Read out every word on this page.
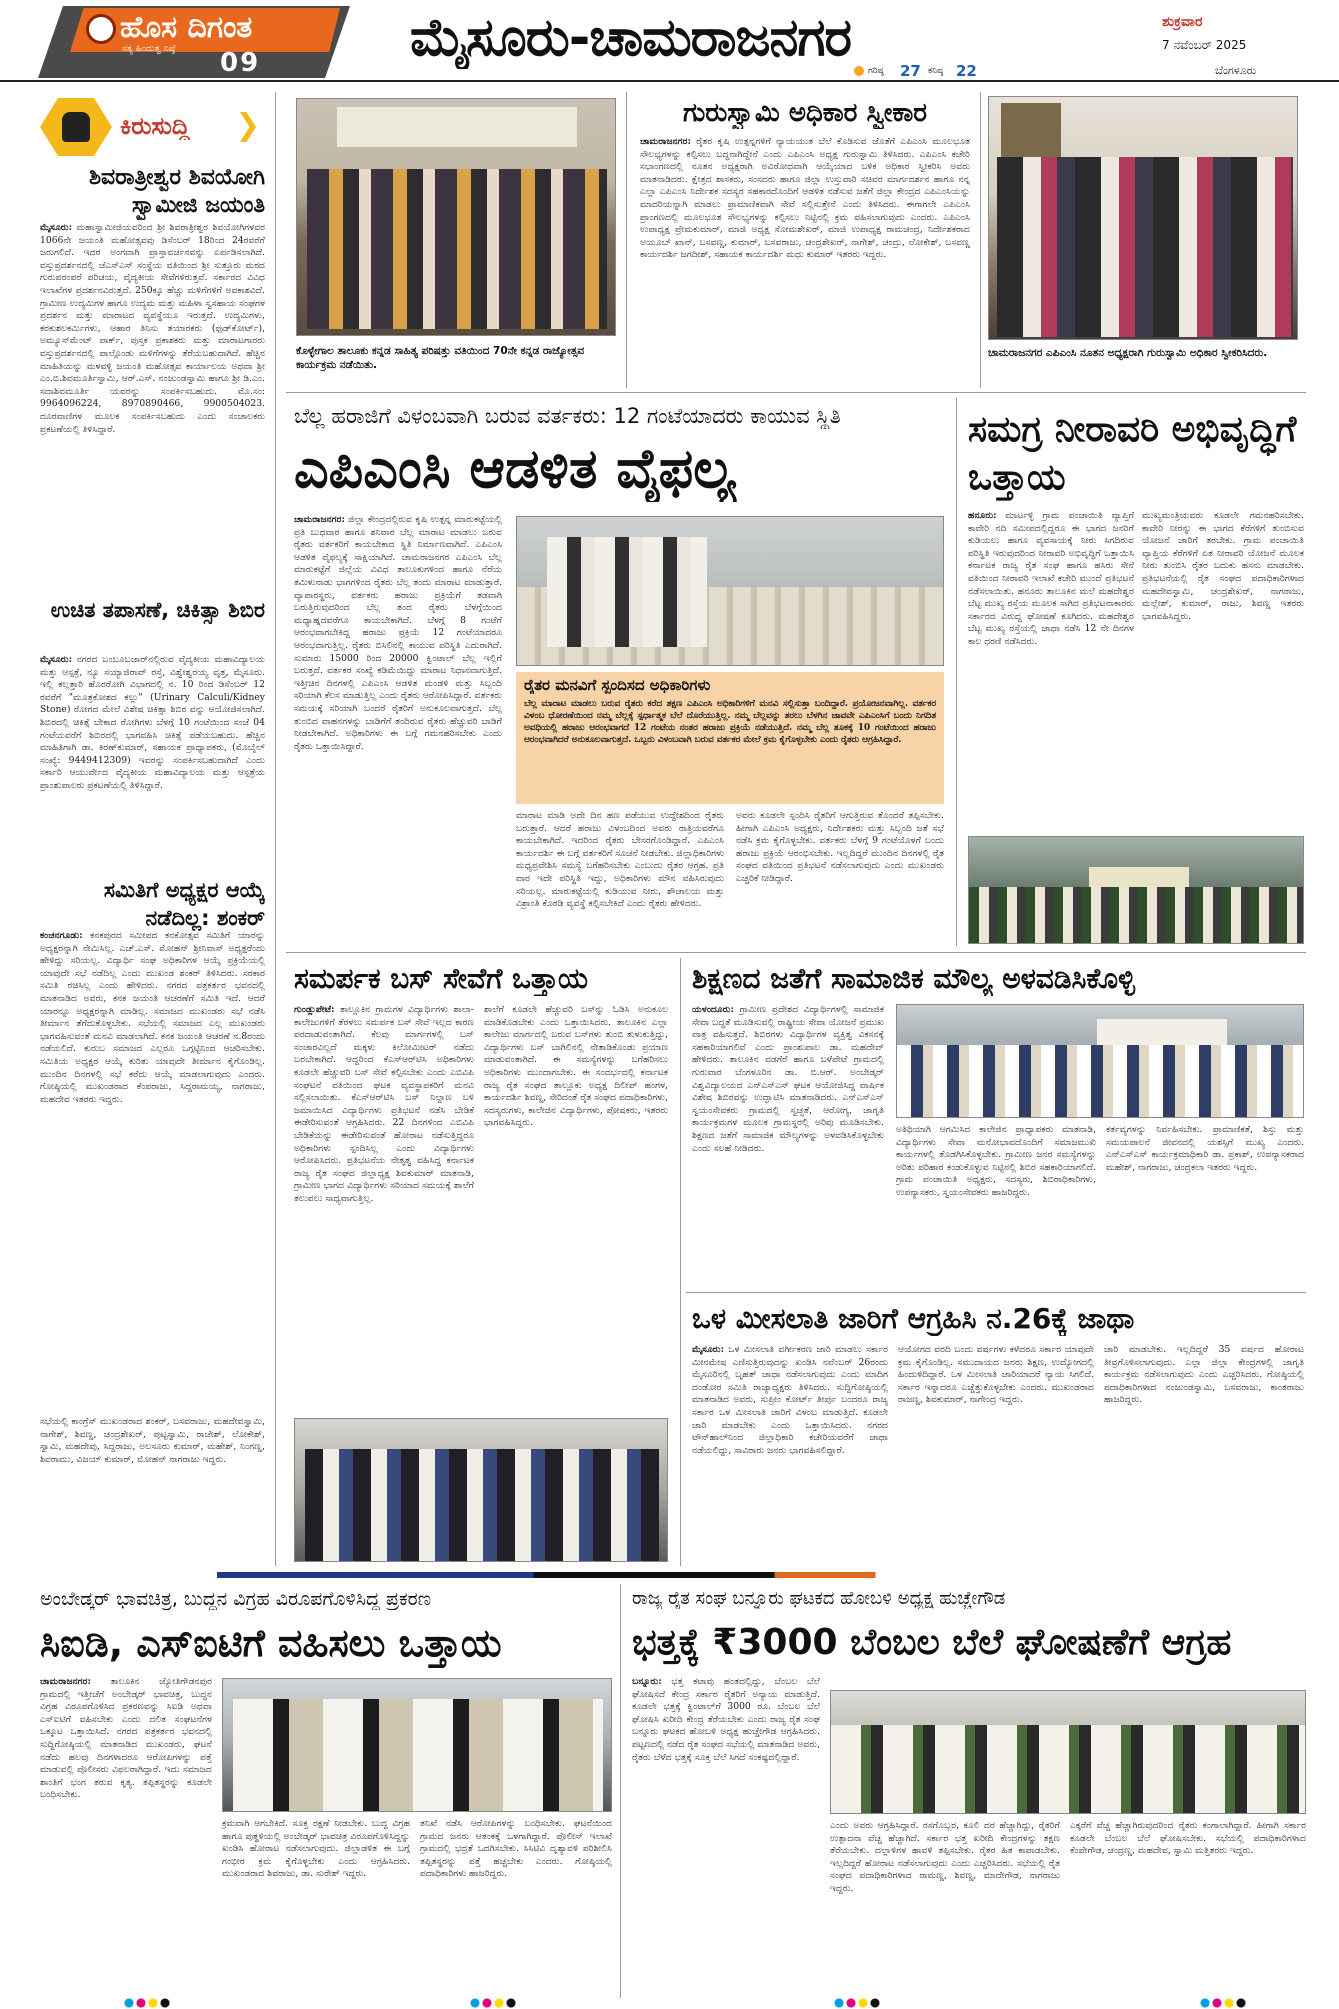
ಹೊಸ ದಿಗಂತ
ಸತ್ಯ ಹಿಂದುತ್ವ ನಿಷ್ಠೆ 09	ಮೈಸೂರು-ಚಾಮರಾಜನಗರ
ಗರಿಷ್ಠ 27 ಕನಿಷ್ಠ 22
ಶುಕ್ರವಾರ
7 ನವೆಂಬರ್ 2025
ಬೆಂಗಳೂರು
ಕಿರುಸುದ್ದಿ
ಶಿವರಾತ್ರೀಶ್ವರ ಶಿವಯೋಗಿ ಸ್ವಾಮೀಜಿ ಜಯಂತಿ
ಮೈಸೂರು: ಮಹಾಸ್ವಾಮೀಜಿಯವರಿಂದ ಶ್ರೀ ಶಿವರಾತ್ರೀಶ್ವರ ಶಿವಯೋಗಿಗಳವರ 1066ನೇ ಜಯಂತಿ ಮಹೋತ್ಸವವು ಡಿಸೆಂಬರ್ 18ರಿಂದ 24ರವರೆಗೆ ಜರುಗಲಿದೆ. ಇದರ ಅಂಗವಾಗಿ ಪ್ರಾಸ್ತಾವರ್ಚನವನ್ನು ಏರ್ಪಡಿಸಲಾಗಿದೆ. ವಸ್ತುಪ್ರದರ್ಶನದಲ್ಲಿ ಜೆಎಸ್‌ಎಸ್ ಸಂಸ್ಥೆಯ ವತಿಯಿಂದ ಶ್ರೀ ಸುತ್ತೂರು ಮಠದ ಗುರುಪರಂಪರೆ ಪರಿಚಯ, ವೈದ್ಯಕೀಯ ಸೇವೆಗಳಿರುತ್ತವೆ. ಸರ್ಕಾರದ ವಿವಿಧ ಇಲಾಖೆಗಳ ಪ್ರದರ್ಶನವಿರುತ್ತದೆ. 250ಕ್ಕೂ ಹೆಚ್ಚು ಮಳಿಗೆಗಳಿಗೆ ಅವಕಾಶವಿದೆ. ಗ್ರಾಮೀಣ ಉದ್ಯಮಿಗಳ ಹಾಗೂ ಉದ್ಯಮ ಮತ್ತು ಮಹಿಳಾ ಸ್ವಸಹಾಯ ಸಂಘಗಳ ಪ್ರದರ್ಶನ ಮತ್ತು ಮಾರಾಟದ ವ್ಯವಸ್ಥೆಯೂ ಇರುತ್ತದೆ. ಉದ್ಯಮಿಗಳು, ಕರಕುಶಲಕರ್ಮಿಗಳು, ಆಹಾರ ತಿನಿಸು ತಯಾರಕರು (ಫುಡ್‌ಕೋರ್ಟ್), ಅಮ್ಯೂಸ್‌ಮೆಂಟ್ ಪಾರ್ಕ್, ಪುಸ್ತಕ ಪ್ರಕಾಶಕರು ಮತ್ತು ಮಾರಾಟಗಾರರು ವಸ್ತುಪ್ರದರ್ಶನದಲ್ಲಿ ಪಾಲ್ಗೊಂಡು ಮಳಿಗೆಗಳನ್ನು ತೆರೆಯಬಹುದಾಗಿದೆ. ಹೆಚ್ಚಿನ ಮಾಹಿತಿಯನ್ನು ಮಳವಳ್ಳಿ ಜಯಂತಿ ಮಹೋತ್ಸವ ಕಾರ್ಯಾಲಯ ಅಥವಾ ಶ್ರೀ ಎಂ.ಬಿ.ಶಿವಮೂರ್ತಿಸ್ವಾಮಿ, ಆರ್.ಎಸ್. ನಂಜುಂಡಸ್ವಾಮಿ ಹಾಗೂ ಶ್ರೀ ಡಿ.ಎಂ. ಸದಾಶಿವಮೂರ್ತಿ ಯವರನ್ನು ಸಂಪರ್ಕಿಸಬಹುದು. ಮೊ.ಸಂ: 9964096224, 8970890466, 9900504023. ದೂರವಾಣಿಗಳ ಮೂಲಕ ಸಂಪರ್ಕಿಸಬಹುದು ಎಂದು ಸಂಚಾಲಕರು ಪ್ರಕಟಣೆಯಲ್ಲಿ ತಿಳಿಸಿದ್ದಾರೆ.
ಉಚಿತ ತಪಾಸಣೆ, ಚಿಕಿತ್ಸಾ ಶಿಬಿರ
ಮೈಸೂರು: ನಗರದ ಬಂಬೂಬಜಾರ್‌ನಲ್ಲಿರುವ ವೈದ್ಯಕೀಯ ಮಹಾವಿದ್ಯಾಲಯ ಮತ್ತು ಆಸ್ಪತ್ರೆ, ನ್ಯೂ ಸಯ್ಯಾಜಿರಾವ್ ರಸ್ತೆ, ವಿಶ್ವೇಶ್ವರಯ್ಯ ವೃತ್ತ, ಮೈಸೂರು. ಇಲ್ಲಿ ಕಲ್ಲತ್ತಾರಿ ಹೊರರೋಗಿ ವಿಭಾಗದಲ್ಲಿ ನ. 10 ರಿಂದ ಡಿಸೆಂಬರ್ 12 ರವರೆಗೆ "ಮೂತ್ರಕೋಶದ ಕಲ್ಲು" (Urinary Calculi/Kidney Stone) ರೋಗದ ಮೇಲೆ ವಿಶೇಷ ಚಿಕಿತ್ಸಾ ಶಿಬಿರ ವನ್ನು ಆಯೋಜಿಸಲಾಗಿದೆ. ಶಿಬಿರದಲ್ಲಿ ಚಿಕಿತ್ಸೆ ಬೇಕಾದ ರೋಗಿಗಳು ಬೆಳಗ್ಗೆ 10 ಗಂಟೆಯಿಂದ ಸಂಜೆ 04 ಗಂಟೆಯವರೆಗೆ ಶಿಬಿರದಲ್ಲಿ ಭಾಗವಹಿಸಿ ಚಿಕಿತ್ಸೆ ಪಡೆಯಬಹುದು. ಹೆಚ್ಚಿನ ಮಾಹಿತಿಗಾಗಿ ಡಾ. ಕಿರಣ್‌ಕುಮಾರ್, ಸಹಾಯಕ ಪ್ರಾಧ್ಯಾಪಕರು, (ಮೊಬೈಲ್ ಸಂಖ್ಯೆ: 9449412309) ಇವರನ್ನು ಸಂಪರ್ಕಿಸಬಹುದಾಗಿದೆ ಎಂದು ಸರ್ಕಾರಿ ಆಯುರ್ವೇದ ವೈದ್ಯಕೀಯ ಮಹಾವಿದ್ಯಾಲಯ ಮತ್ತು ಆಸ್ಪತ್ರೆಯ ಪ್ರಾಂಶುಪಾಲರು ಪ್ರಕಟಣೆಯಲ್ಲಿ ತಿಳಿಸಿದ್ದಾರೆ.
ಸಮಿತಿಗೆ ಅಧ್ಯಕ್ಷರ ಆಯ್ಕೆ ನಡೆದಿಲ್ಲ: ಶಂಕರ್
ಕಂಚನಗೂಡು: ಕನಕಪುರದ ಸಮೀಪದ ಕನಕೋತ್ಸವ ಸಮಿತಿಗೆ ಯಾರನ್ನು ಅಧ್ಯಕ್ಷರನ್ನಾಗಿ ನೇಮಿಸಿಲ್ಲ. ಎಚ್.ಎಸ್. ಮೋಹನ್ ಶ್ರೀನಿವಾಸ್ ಅಧ್ಯಕ್ಷರೆಂದು ಹೇಳಿದ್ದು ಸರಿಯಲ್ಲ. ವಿದ್ಯಾರ್ಥಿ ಸಂಘ ಅಧಿಕಾರಿಗಳ ಆಯ್ಕೆ ಪ್ರಕ್ರಿಯೆಯಲ್ಲಿ ಯಾವುದೇ ಸಭೆ ನಡೆದಿಲ್ಲ ಎಂದು ಮುಖಂಡ ಶಂಕರ್ ತಿಳಿಸಿದರು. ಸರಕಾರ ಸಮಿತಿ ರಚಿಸಿಲ್ಲ ಎಂದು ಹೇಳಿದರು. ನಗರದ ಪತ್ರಕರ್ತರ ಭವನದಲ್ಲಿ ಮಾತನಾಡಿದ ಅವರು, ಕನಕ ಜಯಂತಿ ಆಚರಣೆಗೆ ಸಮಿತಿ ಇದೆ. ಆದರೆ ಯಾರನ್ನೂ ಅಧ್ಯಕ್ಷರನ್ನಾಗಿ ಮಾಡಿಲ್ಲ. ಸಮಾಜದ ಮುಖಂಡರು ಸಭೆ ನಡೆಸಿ ತೀರ್ಮಾನ ತೆಗೆದುಕೊಳ್ಳಬೇಕು. ಸಭೆಯಲ್ಲಿ ಸಮಾಜದ ಎಲ್ಲ ಮುಖಂಡರು ಭಾಗವಹಿಸುವಂತೆ ಮನವಿ ಮಾಡಲಾಗಿದೆ. ಕನಕ ಜಯಂತಿ ಆಚರಣೆ ನ.8ರಂದು ನಡೆಯಲಿದೆ. ಕುರುಬ ಸಮಾಜದ ಎಲ್ಲರೂ ಒಗ್ಗಟ್ಟಿನಿಂದ ಆಚರಿಸಬೇಕು. ಸಮಿತಿಯ ಅಧ್ಯಕ್ಷರ ಆಯ್ಕೆ ಕುರಿತು ಯಾವುದೇ ತೀರ್ಮಾನ ಕೈಗೊಂಡಿಲ್ಲ. ಮುಂದಿನ ದಿನಗಳಲ್ಲಿ ಸಭೆ ಕರೆದು ಆಯ್ಕೆ ಮಾಡಲಾಗುವುದು ಎಂದರು. ಗೋಷ್ಠಿಯಲ್ಲಿ ಮುಖಂಡರಾದ ಕೆಂಪರಾಜು, ಸಿದ್ದರಾಮಯ್ಯ, ನಾಗರಾಜು, ಮಹದೇವ ಇತರರು ಇದ್ದರು.
ಸಭೆಯಲ್ಲಿ ಕಾಂಗ್ರೆಸ್ ಮುಖಂಡರಾದ ಶಂಕರ್, ಬಸವರಾಜು, ಮಹದೇವಸ್ವಾಮಿ, ನಾಗೇಶ್, ಶಿವಣ್ಣ, ಚಂದ್ರಶೇಖರ್, ಪುಟ್ಟಸ್ವಾಮಿ, ರಾಜೇಶ್, ಲೋಕೇಶ್, ಸ್ವಾಮಿ, ಮಹದೇವು, ಸಿದ್ದರಾಜು, ಅಲಸೂರು ಕುಮಾರ್, ಮಹೇಶ್, ನಿಂಗಣ್ಣ, ಶಿವರಾಮು, ವಿಜಯ್ ಕುಮಾರ್, ಮೋಹನ್ ನಾಗರಾಜು ಇದ್ದರು.
ಕೊಳ್ಳೇಗಾಲ ತಾಲೂಕು ಕನ್ನಡ ಸಾಹಿತ್ಯ ಪರಿಷತ್ತು ವತಿಯಿಂದ 70ನೇ ಕನ್ನಡ ರಾಜ್ಯೋತ್ಸವ ಕಾರ್ಯಕ್ರಮ ನಡೆಯಿತು.
ಗುರುಸ್ವಾಮಿ ಅಧಿಕಾರ ಸ್ವೀಕಾರ
ಚಾಮರಾಜನಗರ: ರೈತರ ಕೃಷಿ ಉತ್ಪನ್ನಗಳಿಗೆ ನ್ಯಾಯಯುತ ಬೆಲೆ ಕೊಡಿಸುವ ಜೊತೆಗೆ ಎಪಿಎಂಸಿ ಮೂಲಭೂತ ಸೌಲಭ್ಯಗಳನ್ನು ಕಲ್ಪಿಸಲು ಬದ್ಧನಾಗಿದ್ದೇನೆ ಎಂದು ಎಪಿಎಂಸಿ ಅಧ್ಯಕ್ಷ ಗುರುಸ್ವಾಮಿ ತಿಳಿಸಿದರು. ಎಪಿಎಂಸಿ ಕಚೇರಿ ಸಭಾಂಗಣದಲ್ಲಿ ನೂತನ ಅಧ್ಯಕ್ಷರಾಗಿ ಅವಿರೋಧವಾಗಿ ಆಯ್ಕೆಯಾದ ಬಳಿಕ ಅಧಿಕಾರ ಸ್ವೀಕರಿಸಿ ಅವರು ಮಾತನಾಡಿದರು. ಕ್ಷೇತ್ರದ ಶಾಸಕರು, ಸಂಸದರು ಹಾಗೂ ಜಿಲ್ಲಾ ಉಸ್ತುವಾರಿ ಸಚಿವರ ಮಾರ್ಗದರ್ಶನ ಹಾಗೂ ನನ್ನ ಎಲ್ಲಾ ಎಪಿಎಂಸಿ ನಿರ್ದೇಶಕ ಸದಸ್ಯರ ಸಹಕಾರದೊಂದಿಗೆ ಆಡಳಿತ ನಡೆಸುವ ಜತೆಗೆ ಜಿಲ್ಲಾ ಕೇಂದ್ರದ ಎಪಿಎಂಸಿಯನ್ನು ಮಾದರಿಯನ್ನಾಗಿ ಮಾಡಲು ಪ್ರಾಮಾಣಿಕವಾಗಿ ಸೇವೆ ಸಲ್ಲಿಸುತ್ತೇನೆ ಎಂದು ತಿಳಿಸಿದರು. ಈಗಾಗಲೇ ಎಪಿಎಂಸಿ ಪ್ರಾಂಗಣದಲ್ಲಿ ಮೂಲಭೂತ ಸೌಲಭ್ಯಗಳನ್ನು ಕಲ್ಪಿಸಲು ನಿಟ್ಟಿನಲ್ಲಿ ಕ್ರಮ ವಹಿಸಲಾಗುವುದು ಎಂದರು. ಎಪಿಎಂಸಿ ಉಪಾಧ್ಯಕ್ಷ ಪ್ರೇಮಕುಮಾರ್, ಮಾಜಿ ಅಧ್ಯಕ್ಷ ಸೋಮಶೇಖರ್, ಮಾಜಿ ಉಪಾಧ್ಯಕ್ಷ ರಾಮಚಂದ್ರ, ನಿರ್ದೇಶಕರಾದ ಅಯೂಬ್ ಖಾನ್, ಬಸವಣ್ಣ, ಕುಮಾರ್, ಬಸವರಾಜು, ಚಂದ್ರಶೇಖರ್, ನಾಗೇಶ್, ಚಂದ್ರು, ಲೋಕೇಶ್, ಬಸವಣ್ಣ ಕಾರ್ಯದರ್ಶಿ ಜಗದೀಶ್, ಸಹಾಯಕ ಕಾರ್ಯದರ್ಶಿ ಮಧು ಕುಮಾರ್ ಇತರರು ಇದ್ದರು.
ಚಾಮರಾಜನಗರ ಎಪಿಎಂಸಿ ನೂತನ ಅಧ್ಯಕ್ಷರಾಗಿ ಗುರುಸ್ವಾಮಿ ಅಧಿಕಾರ ಸ್ವೀಕರಿಸಿದರು.
ಬೆಲ್ಲ ಹರಾಜಿಗೆ ವಿಳಂಬವಾಗಿ ಬರುವ ವರ್ತಕರು: 12 ಗಂಟೆಯಾದರು ಕಾಯುವ ಸ್ಥಿತಿ
ಎಪಿಎಂಸಿ ಆಡಳಿತ ವೈಫಲ್ಯ
ಚಾಮರಾಜನಗರ: ಜಿಲ್ಲಾ ಕೇಂದ್ರದಲ್ಲಿರುವ ಕೃಷಿ ಉತ್ಪನ್ನ ಮಾರುಕಟ್ಟೆಯಲ್ಲಿ ಪ್ರತಿ ಬುಧವಾರ ಹಾಗೂ ಶನಿವಾರ ಬೆಲ್ಲ ಮಾರಾಟ ಮಾಡಲು ಬರುವ ರೈತರು ವರ್ತಕರಿಗೆ ಕಾಯಬೇಕಾದ ಸ್ಥಿತಿ ನಿರ್ಮಾಣವಾಗಿದೆ. ಎಪಿಎಂಸಿ ಆಡಳಿತ ವೈಫಲ್ಯಕ್ಕೆ ಸಾಕ್ಷಿಯಾಗಿದೆ. ಚಾಮರಾಜನಗರ ಎಪಿಎಂಸಿ ಬೆಲ್ಲ ಮಾರುಕಟ್ಟೆಗೆ ಜಿಲ್ಲೆಯ ವಿವಿಧ ತಾಲೂಕುಗಳಿಂದ ಹಾಗೂ ನೆರೆಯ ತಮಿಳುನಾಡು ಭಾಗಗಳಿಂದ ರೈತರು ಬೆಲ್ಲ ತಂದು ಮಾರಾಟ ಮಾಡುತ್ತಾರೆ. ವ್ಯಾಪಾರಸ್ಥರು, ವರ್ತಕರು ಹರಾಜು ಪ್ರಕ್ರಿಯೆಗೆ ತಡವಾಗಿ ಬರುತ್ತಿರುವುದರಿಂದ ಬೆಲ್ಲ ತಂದ ರೈತರು ಬೆಳಗ್ಗೆಯಿಂದ ಮಧ್ಯಾಹ್ನದವರೆಗೂ ಕಾಯಬೇಕಾಗಿದೆ. ಬೆಳಗ್ಗೆ 8 ಗಂಟೆಗೆ ಆರಂಭವಾಗಬೇಕಿದ್ದ ಹರಾಜು ಪ್ರಕ್ರಿಯೆ 12 ಗಂಟೆಯಾದರೂ ಆರಂಭವಾಗುತ್ತಿಲ್ಲ. ರೈತರು ಬಿಸಿಲಿನಲ್ಲಿ ಕಾಯುವ ಪರಿಸ್ಥಿತಿ ಎದುರಾಗಿದೆ. ಸುಮಾರು 15000 ರಿಂದ 20000 ಕ್ವಿಂಟಾಲ್ ಬೆಲ್ಲ ಇಲ್ಲಿಗೆ ಬರುತ್ತದೆ. ವರ್ತಕರ ಸಂಖ್ಯೆ ಕಡಿಮೆಯಿದ್ದು ಮಾರಾಟ ನಿಧಾನವಾಗುತ್ತಿದೆ. ಇತ್ತೀಚಿನ ದಿನಗಳಲ್ಲಿ ಎಪಿಎಂಸಿ ಆಡಳಿತ ಮಂಡಳಿ ಮತ್ತು ಸಿಬ್ಬಂದಿ ಸರಿಯಾಗಿ ಕೆಲಸ ಮಾಡುತ್ತಿಲ್ಲ ಎಂದು ರೈತರು ಆರೋಪಿಸಿದ್ದಾರೆ. ವರ್ತಕರು ಸಮಯಕ್ಕೆ ಸರಿಯಾಗಿ ಬಂದರೆ ರೈತರಿಗೆ ಅನುಕೂಲವಾಗುತ್ತದೆ. ಬೆಲ್ಲ ತುಂಬಿದ ವಾಹನಗಳನ್ನು ಬಾಡಿಗೆಗೆ ತಂದಿರುವ ರೈತರು ಹೆಚ್ಚುವರಿ ಬಾಡಿಗೆ ನೀಡಬೇಕಾಗಿದೆ. ಅಧಿಕಾರಿಗಳು ಈ ಬಗ್ಗೆ ಗಮನಹರಿಸಬೇಕು ಎಂದು ರೈತರು ಒತ್ತಾಯಿಸಿದ್ದಾರೆ.
ರೈತರ ಮನವಿಗೆ ಸ್ಪಂದಿಸದ ಅಧಿಕಾರಿಗಳು
ಬೆಲ್ಲ ಮಾರಾಟ ಮಾಡಲು ಬರುವ ರೈತರು ಕರೆದ ತಕ್ಷಣ ಎಪಿಎಂಸಿ ಅಧಿಕಾರಿಗಳಿಗೆ ಮನವಿ ಸಲ್ಲಿಸುತ್ತಾ ಬಂದಿದ್ದಾರೆ. ಪ್ರಯೋಜನವಾಗಿಲ್ಲ. ವರ್ತಕರ ವಿಳಂಬ ಧೋರಣೆಯಿಂದ ನಮ್ಮ ಬೆಲ್ಲಕ್ಕೆ ಸ್ಪರ್ಧಾತ್ಮಕ ಬೆಲೆ ದೊರೆಯುತ್ತಿಲ್ಲ. ನಮ್ಮ ಬೆಲ್ಲವನ್ನು ತರಲು ಬೆಳಗಿನ ಜಾವವೇ ಎಪಿಎಂಸಿಗೆ ಬಂದು ನಿಗದಿತ ಅವಧಿಯಲ್ಲಿ ಹರಾಜು ಆರಂಭವಾಗದೆ 12 ಗಂಟೆಯ ನಂತರ ಹರಾಜು ಪ್ರಕ್ರಿಯೆ ನಡೆಯುತ್ತಿದೆ. ನಮ್ಮ ಬೆಲ್ಲ ತೂಕಕ್ಕೆ 10 ಗಂಟೆಯಿಂದ ಹರಾಜು ಆರಂಭವಾಗಿದರೆ ಅನುಕೂಲವಾಗುತ್ತದೆ. ಒಬ್ಬರು ವಿಳಂಬವಾಗಿ ಬರುವ ವರ್ತಕರ ಮೇಲೆ ಕ್ರಮ ಕೈಗೊಳ್ಳಬೇಕು ಎಂದು ರೈತರು ಆಗ್ರಹಿಸಿದ್ದಾರೆ.
ಮಾರಾಟ ಮಾಡಿ ಅದೇ ದಿನ ಹಣ ಪಡೆಯುವ ಉದ್ದೇಶದಿಂದ ರೈತರು ಬರುತ್ತಾರೆ. ಆದರೆ ಹರಾಜು ವಿಳಂಬದಿಂದ ಅವರು ರಾತ್ರಿಯವರೆಗೂ ಕಾಯಬೇಕಾಗಿದೆ. ಇದರಿಂದ ರೈತರು ಬೇಸರಗೊಂಡಿದ್ದಾರೆ. ಎಪಿಎಂಸಿ ಕಾರ್ಯದರ್ಶಿ ಈ ಬಗ್ಗೆ ವರ್ತಕರಿಗೆ ಸೂಚನೆ ನೀಡಬೇಕು. ಜಿಲ್ಲಾಧಿಕಾರಿಗಳು ಮಧ್ಯಪ್ರವೇಶಿಸಿ ಸಮಸ್ಯೆ ಬಗೆಹರಿಸಬೇಕು ಎಂಬುದು ರೈತರ ಆಗ್ರಹ. ಪ್ರತಿ ವಾರ ಇದೇ ಪರಿಸ್ಥಿತಿ ಇದ್ದು, ಅಧಿಕಾರಿಗಳು ಮೌನ ವಹಿಸಿರುವುದು ಸರಿಯಲ್ಲ. ಮಾರುಕಟ್ಟೆಯಲ್ಲಿ ಕುಡಿಯುವ ನೀರು, ಶೌಚಾಲಯ ಮತ್ತು ವಿಶ್ರಾಂತಿ ಕೊಠಡಿ ವ್ಯವಸ್ಥೆ ಕಲ್ಪಿಸಬೇಕಿದೆ ಎಂದು ರೈತರು ಹೇಳಿದರು.
ಅವರು ಕೂಡಲೇ ಸ್ಪಂದಿಸಿ ರೈತರಿಗೆ ಆಗುತ್ತಿರುವ ತೊಂದರೆ ತಪ್ಪಿಸಬೇಕು. ಹೀಗಾಗಿ ಎಪಿಎಂಸಿ ಅಧ್ಯಕ್ಷರು, ನಿರ್ದೇಶಕರು ಮತ್ತು ಸಿಬ್ಬಂದಿ ಜತೆ ಸಭೆ ನಡೆಸಿ ಕ್ರಮ ಕೈಗೊಳ್ಳಬೇಕು. ವರ್ತಕರು ಬೆಳಗ್ಗೆ 9 ಗಂಟೆಯೊಳಗೆ ಬಂದು ಹರಾಜು ಪ್ರಕ್ರಿಯೆ ಆರಂಭಿಸಬೇಕು. ಇಲ್ಲದಿದ್ದರೆ ಮುಂದಿನ ದಿನಗಳಲ್ಲಿ ರೈತ ಸಂಘದ ವತಿಯಿಂದ ಪ್ರತಿಭಟನೆ ನಡೆಸಲಾಗುವುದು ಎಂದು ಮುಖಂಡರು ಎಚ್ಚರಿಕೆ ನೀಡಿದ್ದಾರೆ.
ಸಮಗ್ರ ನೀರಾವರಿ ಅಭಿವೃದ್ಧಿಗೆ ಒತ್ತಾಯ
ಹನೂರು: ಮಾರ್ಟಳ್ಳಿ ಗ್ರಾಮ ಪಂಚಾಯಿತಿ ವ್ಯಾಪ್ತಿಗೆ ಕಾವೇರಿ ನದಿ ಸಮೀಪದಲ್ಲಿದ್ದರೂ ಈ ಭಾಗದ ಜನರಿಗೆ ಕುಡಿಯಲು ಹಾಗೂ ವ್ಯವಸಾಯಕ್ಕೆ ನೀರು ಸಿಗದಿರುವ ಪರಿಸ್ಥಿತಿ ಇರುವುದರಿಂದ ನೀರಾವರಿ ಅಭಿವೃದ್ಧಿಗೆ ಒತ್ತಾಯಿಸಿ ಕರ್ನಾಟಕ ರಾಜ್ಯ ರೈತ ಸಂಘ ಹಾಗೂ ಹಸಿರು ಸೇನೆ ವತಿಯಿಂದ ನೀರಾವರಿ ಇಲಾಖೆ ಕಚೇರಿ ಮುಂದೆ ಪ್ರತಿಭಟನೆ ನಡೆಸಲಾಯಿತು. ಹನೂರು ತಾಲೂಕಿನ ಮಲೆ ಮಹದೇಶ್ವರ ಬೆಟ್ಟ ಮುಖ್ಯ ರಸ್ತೆಯ ಮೂಲಕ ಸಾಗಿದ ಪ್ರತಿಭಟನಾಕಾರರು ಸರ್ಕಾರದ ವಿರುದ್ಧ ಘೋಷಣೆ ಕೂಗಿದರು. ಮಹದೇಶ್ವರ ಬೆಟ್ಟ ಮುಖ್ಯ ರಸ್ತೆಯಲ್ಲಿ ಜಾಥಾ ನಡೆಸಿ 12 ನೇ ದಿನಗಳ ಕಾಲ ಧರಣಿ ನಡೆಸಿದರು.
ಮುಖ್ಯಮಂತ್ರಿಯವರು ಕೂಡಲೇ ಗಮನಹರಿಸಬೇಕು. ಕಾವೇರಿ ನೀರನ್ನು ಈ ಭಾಗದ ಕೆರೆಗಳಿಗೆ ತುಂಬಿಸುವ ಯೋಜನೆ ಜಾರಿಗೆ ತರಬೇಕು. ಗ್ರಾಮ ಪಂಚಾಯಿತಿ ವ್ಯಾಪ್ತಿಯ ಕೆರೆಗಳಿಗೆ ಏತ ನೀರಾವರಿ ಯೋಜನೆ ಮೂಲಕ ನೀರು ತುಂಬಿಸಿ ರೈತರ ಬದುಕು ಹಸನು ಮಾಡಬೇಕು. ಪ್ರತಿಭಟನೆಯಲ್ಲಿ ರೈತ ಸಂಘದ ಪದಾಧಿಕಾರಿಗಳಾದ ಮಹದೇವಸ್ವಾಮಿ, ಚಂದ್ರಶೇಖರ್, ನಾಗರಾಜು, ಮಲ್ಲೇಶ್, ಕುಮಾರ್, ರಾಜು, ಶಿವಣ್ಣ ಇತರರು ಭಾಗವಹಿಸಿದ್ದರು.
ಸಮರ್ಪಕ ಬಸ್ ಸೇವೆಗೆ ಒತ್ತಾಯ
ಗುಂಡ್ಲುಪೇಟೆ: ತಾಲ್ಲೂಕಿನ ಗ್ರಾಮಗಳ ವಿದ್ಯಾರ್ಥಿಗಳು ಶಾಲಾ-ಕಾಲೇಜುಗಳಿಗೆ ತೆರಳಲು ಸಮರ್ಪಕ ಬಸ್ ಸೇವೆ ಇಲ್ಲದ ಕಾರಣ ಪರದಾಡುವಂತಾಗಿದೆ. ಕೆಲವು ಮಾರ್ಗಗಳಲ್ಲಿ ಬಸ್ ಸಂಚಾರವಿಲ್ಲದೆ ಮಕ್ಕಳು ಕಿಲೋಮೀಟರ್ ನಡೆದು ಬರಬೇಕಾಗಿದೆ. ಆದ್ದರಿಂದ ಕೆಎಸ್ಆರ್‌ಟಿಸಿ ಅಧಿಕಾರಿಗಳು ಕೂಡಲೇ ಹೆಚ್ಚುವರಿ ಬಸ್ ಸೇವೆ ಕಲ್ಪಿಸಬೇಕು ಎಂದು ಎಬಿವಿಪಿ ಸಂಘಟನೆ ವತಿಯಿಂದ ಘಟಕ ವ್ಯವಸ್ಥಾಪಕರಿಗೆ ಮನವಿ ಸಲ್ಲಿಸಲಾಯಿತು. ಕೆಎಸ್ಆರ್‌ಟಿಸಿ ಬಸ್ ನಿಲ್ದಾಣ ಬಳಿ ಜಮಾಯಿಸಿದ ವಿದ್ಯಾರ್ಥಿಗಳು ಪ್ರತಿಭಟನೆ ನಡೆಸಿ ಬೇಡಿಕೆ ಈಡೇರಿಸುವಂತೆ ಆಗ್ರಹಿಸಿದರು. 22 ದಿನಗಳಿಂದ ಎಬಿವಿಪಿ ಬೇಡಿಕೆಯನ್ನು ಈಡೇರಿಸುವಂತೆ ಹೋರಾಟ ನಡೆಸುತ್ತಿದ್ದರೂ ಅಧಿಕಾರಿಗಳು ಸ್ಪಂದಿಸಿಲ್ಲ ಎಂದು ವಿದ್ಯಾರ್ಥಿಗಳು ಆರೋಪಿಸಿದರು. ಪ್ರತಿಭಟನೆಯ ನೇತೃತ್ವ ವಹಿಸಿದ್ದ ಕರ್ನಾಟಕ ರಾಜ್ಯ ರೈತ ಸಂಘದ ಜಿಲ್ಲಾಧ್ಯಕ್ಷ ಶಿವಕುಮಾರ್ ಮಾತನಾಡಿ, ಗ್ರಾಮೀಣ ಭಾಗದ ವಿದ್ಯಾರ್ಥಿಗಳು ಸರಿಯಾದ ಸಮಯಕ್ಕೆ ಶಾಲೆಗೆ ತಲುಪಲು ಸಾಧ್ಯವಾಗುತ್ತಿಲ್ಲ.
ಶಾಲೆಗೆ ಕೂಡಲೇ ಹೆಚ್ಚುವರಿ ಬಸ್‌ನ್ನು ಓಡಿಸಿ ಅನುಕೂಲ ಮಾಡಿಕೊಡಬೇಕು ಎಂದು ಒತ್ತಾಯಿಸಿದರು. ತಾಲೂಕಿನ ಎಲ್ಲಾ ಕಾಲೇಜು ಮಾರ್ಗದಲ್ಲಿ ಬರುವ ಬಸ್‌ಗಳು ತುಂಬಿ ತುಳುಕುತ್ತಿದ್ದು, ವಿದ್ಯಾರ್ಥಿಗಳು ಬಸ್ ಬಾಗಿಲಿನಲ್ಲಿ ನೇತಾಡಿಕೊಂಡು ಪ್ರಯಾಣ ಮಾಡುವಂತಾಗಿದೆ. ಈ ಸಮಸ್ಯೆಗಳನ್ನು ಬಗೆಹರಿಸಲು ಅಧಿಕಾರಿಗಳು ಮುಂದಾಗಬೇಕು. ಈ ಸಂದರ್ಭದಲ್ಲಿ ಕರ್ನಾಟಕ ರಾಜ್ಯ ರೈತ ಸಂಘದ ತಾಲ್ಲೂಕು ಅಧ್ಯಕ್ಷ ದಿಲೀಪ್ ಹಂಗಳ, ಕಾರ್ಯದರ್ಶಿ ಶಿವಣ್ಣ, ಸೇರಿದಂತೆ ರೈತ ಸಂಘದ ಪದಾಧಿಕಾರಿಗಳು, ಸದಸ್ಯರುಗಳು, ಕಾಲೇಜಿನ ವಿದ್ಯಾರ್ಥಿಗಳು, ಪೋಷಕರು, ಇತರರು ಭಾಗವಹಿಸಿದ್ದರು.
ಶಿಕ್ಷಣದ ಜತೆಗೆ ಸಾಮಾಜಿಕ ಮೌಲ್ಯ ಅಳವಡಿಸಿಕೊಳ್ಳಿ
ಯಳಂದೂರು: ಗ್ರಾಮೀಣ ಪ್ರದೇಶದ ವಿದ್ಯಾರ್ಥಿಗಳಲ್ಲಿ ಸಾಮಾಜಿಕ ಸೇವಾ ಬದ್ಧತೆ ಮೂಡಿಸುವಲ್ಲಿ ರಾಷ್ಟ್ರೀಯ ಸೇವಾ ಯೋಜನೆ ಪ್ರಮುಖ ಪಾತ್ರ ವಹಿಸುತ್ತದೆ. ಶಿಬಿರಗಳು ವಿದ್ಯಾರ್ಥಿಗಳ ವ್ಯಕ್ತಿತ್ವ ವಿಕಸನಕ್ಕೆ ಸಹಕಾರಿಯಾಗಲಿವೆ ಎಂದು ಪ್ರಾಂಶುಪಾಲ ಡಾ. ಮಹದೇವ್ ಹೇಳಿದರು. ತಾಲೂಕಿನ ವಡಗೆರೆ ಹಾಗೂ ಬಳೆಪೇಟೆ ಗ್ರಾಮದಲ್ಲಿ ಗುರುವಾರ ಬೆಂಗಳೂರಿನ ಡಾ. ಬಿ.ಆರ್. ಅಂಬೇಡ್ಕರ್ ವಿಶ್ವವಿದ್ಯಾಲಯದ ಎನ್ಎಸ್ಎಸ್ ಘಟಕ ಆಯೋಜಿಸಿದ್ದ ವಾರ್ಷಿಕ ವಿಶೇಷ ಶಿಬಿರವನ್ನು ಉದ್ಘಾಟಿಸಿ ಮಾತನಾಡಿದರು. ಎನ್ಎಸ್ಎಸ್ ಸ್ವಯಂಸೇವಕರು ಗ್ರಾಮದಲ್ಲಿ ಸ್ವಚ್ಛತೆ, ಆರೋಗ್ಯ, ಜಾಗೃತಿ ಕಾರ್ಯಕ್ರಮಗಳ ಮೂಲಕ ಗ್ರಾಮಸ್ಥರಲ್ಲಿ ಅರಿವು ಮೂಡಿಸಬೇಕು. ಶಿಕ್ಷಣದ ಜತೆಗೆ ಸಾಮಾಜಿಕ ಮೌಲ್ಯಗಳನ್ನು ಅಳವಡಿಸಿಕೊಳ್ಳಬೇಕು ಎಂದು ಸಲಹೆ ನೀಡಿದರು.
ಅತಿಥಿಯಾಗಿ ಆಗಮಿಸಿದ ಕಾಲೇಜಿನ ಪ್ರಾಧ್ಯಾಪಕರು ಮಾತನಾಡಿ, ವಿದ್ಯಾರ್ಥಿಗಳು ಸೇವಾ ಮನೋಭಾವದೊಂದಿಗೆ ಸಮಾಜಮುಖಿ ಕಾರ್ಯಗಳಲ್ಲಿ ತೊಡಗಿಸಿಕೊಳ್ಳಬೇಕು. ಗ್ರಾಮೀಣ ಜನರ ಸಮಸ್ಯೆಗಳನ್ನು ಅರಿತು ಪರಿಹಾರ ಕಂಡುಕೊಳ್ಳುವ ನಿಟ್ಟಿನಲ್ಲಿ ಶಿಬಿರ ಸಹಕಾರಿಯಾಗಲಿದೆ. ಗ್ರಾಮ ಪಂಚಾಯಿತಿ ಅಧ್ಯಕ್ಷರು, ಸದಸ್ಯರು, ಶಿಬಿರಾಧಿಕಾರಿಗಳು, ಉಪನ್ಯಾಸಕರು, ಸ್ವಯಂಸೇವಕರು ಹಾಜರಿದ್ದರು.
ಕರ್ತವ್ಯಗಳನ್ನು ನಿರ್ವಹಿಸಬೇಕು. ಪ್ರಾಮಾಣಿಕತೆ, ಶಿಸ್ತು ಮತ್ತು ಸಮಯಪಾಲನೆ ಜೀವನದಲ್ಲಿ ಯಶಸ್ಸಿಗೆ ಮುಖ್ಯ ಎಂದರು. ಎನ್ಎಸ್ಎಸ್ ಕಾರ್ಯಕ್ರಮಾಧಿಕಾರಿ ಡಾ. ಪ್ರಕಾಶ್, ಉಪನ್ಯಾಸಕರಾದ ಮಹೇಶ್, ನಾಗರಾಜು, ಚಂದ್ರಕಲಾ ಇತರರು ಇದ್ದರು.
ಒಳ ಮೀಸಲಾತಿ ಜಾರಿಗೆ ಆಗ್ರಹಿಸಿ ನ.26ಕ್ಕೆ ಜಾಥಾ
ಮೈಸೂರು: ಒಳ ಮೀಸಲಾತಿ ವರ್ಗೀಕರಣ ಜಾರಿ ಮಾಡಲು ಸರ್ಕಾರ ಮೀನಮೇಷ ಎಣಿಸುತ್ತಿರುವುದನ್ನು ಖಂಡಿಸಿ ನವೆಂಬರ್ 26ರಂದು ಮೈಸೂರಿನಲ್ಲಿ ಬೃಹತ್ ಜಾಥಾ ನಡೆಸಲಾಗುವುದು ಎಂದು ಮಾದಿಗ ದಂಡೋರ ಸಮಿತಿ ರಾಜ್ಯಾಧ್ಯಕ್ಷರು ತಿಳಿಸಿದರು. ಸುದ್ದಿಗೋಷ್ಠಿಯಲ್ಲಿ ಮಾತನಾಡಿದ ಅವರು, ಸುಪ್ರೀಂ ಕೋರ್ಟ್ ತೀರ್ಪು ಬಂದರೂ ರಾಜ್ಯ ಸರ್ಕಾರ ಒಳ ಮೀಸಲಾತಿ ಜಾರಿಗೆ ವಿಳಂಬ ಮಾಡುತ್ತಿದೆ. ಕೂಡಲೇ ಜಾರಿ ಮಾಡಬೇಕು ಎಂದು ಒತ್ತಾಯಿಸಿದರು. ನಗರದ ಟೌನ್‌ಹಾಲ್‌ನಿಂದ ಜಿಲ್ಲಾಧಿಕಾರಿ ಕಚೇರಿಯವರೆಗೆ ಜಾಥಾ ನಡೆಯಲಿದ್ದು, ಸಾವಿರಾರು ಜನರು ಭಾಗವಹಿಸಲಿದ್ದಾರೆ.
ಆಯೋಗದ ವರದಿ ಬಂದು ವರ್ಷಗಳು ಕಳೆದರೂ ಸರ್ಕಾರ ಯಾವುದೇ ಕ್ರಮ ಕೈಗೊಂಡಿಲ್ಲ. ಸಮುದಾಯದ ಜನರು ಶಿಕ್ಷಣ, ಉದ್ಯೋಗದಲ್ಲಿ ಹಿಂದುಳಿದಿದ್ದಾರೆ. ಒಳ ಮೀಸಲಾತಿ ಜಾರಿಯಾದರೆ ನ್ಯಾಯ ಸಿಗಲಿದೆ. ಸರ್ಕಾರ ಇನ್ನಾದರೂ ಎಚ್ಚೆತ್ತುಕೊಳ್ಳಬೇಕು ಎಂದರು. ಮುಖಂಡರಾದ ರಾಜಣ್ಣ, ಶಿವಕುಮಾರ್, ನಾಗೇಂದ್ರ ಇದ್ದರು.
ಜಾರಿ ಮಾಡಬೇಕು. ಇಲ್ಲದಿದ್ದರೆ 35 ವರ್ಷದ ಹೋರಾಟ ತೀವ್ರಗೊಳಿಸಲಾಗುವುದು. ಎಲ್ಲಾ ಜಿಲ್ಲಾ ಕೇಂದ್ರಗಳಲ್ಲಿ ಜಾಗೃತಿ ಕಾರ್ಯಕ್ರಮ ನಡೆಸಲಾಗುವುದು ಎಂದು ಎಚ್ಚರಿಸಿದರು. ಗೋಷ್ಠಿಯಲ್ಲಿ ಪದಾಧಿಕಾರಿಗಳಾದ ನಂಜುಂಡಸ್ವಾಮಿ, ಬಸವರಾಜು, ಕಾಂತರಾಜು ಹಾಜರಿದ್ದರು.
ಅಂಬೇಡ್ಕರ್ ಭಾವಚಿತ್ರ, ಬುದ್ಧನ ವಿಗ್ರಹ ವಿರೂಪಗೊಳಿಸಿದ್ದ ಪ್ರಕರಣ
ಸಿಐಡಿ, ಎಸ್ಐಟಿಗೆ ವಹಿಸಲು ಒತ್ತಾಯ
ಚಾಮರಾಜನಗರ: ತಾಲೂಕಿನ ಜ್ಯೋತಿಗೌಡನಪುರ ಗ್ರಾಮದಲ್ಲಿ ಇತ್ತೀಚೆಗೆ ಅಂಬೇಡ್ಕರ್ ಭಾವಚಿತ್ರ, ಬುದ್ಧನ ವಿಗ್ರಹ ವಿರೂಪಗೊಳಿಸಿದ ಪ್ರಕರಣವನ್ನು ಸಿಐಡಿ ಅಥವಾ ಎಸ್ಐಟಿಗೆ ವಹಿಸಬೇಕು ಎಂದು ದಲಿತ ಸಂಘಟನೆಗಳ ಒಕ್ಕೂಟ ಒತ್ತಾಯಿಸಿದೆ. ನಗರದ ಪತ್ರಕರ್ತರ ಭವನದಲ್ಲಿ ಸುದ್ದಿಗೋಷ್ಠಿಯಲ್ಲಿ ಮಾತನಾಡಿದ ಮುಖಂಡರು, ಘಟನೆ ನಡೆದು ಹಲವು ದಿನಗಳಾದರೂ ಆರೋಪಿಗಳನ್ನು ಪತ್ತೆ ಮಾಡುವಲ್ಲಿ ಪೊಲೀಸರು ವಿಫಲರಾಗಿದ್ದಾರೆ. ಇದು ಸಮಾಜದ ಶಾಂತಿಗೆ ಭಂಗ ತರುವ ಕೃತ್ಯ. ತಪ್ಪಿತಸ್ಥರನ್ನು ಕೂಡಲೇ ಬಂಧಿಸಬೇಕು.
ಕ್ರಮವಾಗಿ ಆಗಬೇಕಿದೆ. ಸೂಕ್ತ ರಕ್ಷಣೆ ನೀಡಬೇಕು. ಬುದ್ಧ ವಿಗ್ರಹ ಹಾಗೂ ಪುತ್ಥಳಿಯಲ್ಲಿ ಅಂಬೇಡ್ಕರ್ ಭಾವಚಿತ್ರ ವಿರೂಪಗೊಳಿಸಿದ್ದನ್ನು ಖಂಡಿಸಿ ಹೋರಾಟ ನಡೆಸಲಾಗುವುದು. ಜಿಲ್ಲಾಡಳಿತ ಈ ಬಗ್ಗೆ ಗಂಭೀರ ಕ್ರಮ ಕೈಗೊಳ್ಳಬೇಕು ಎಂದು ಆಗ್ರಹಿಸಿದರು. ಮುಖಂಡರಾದ ಶಿವರಾಜು, ಡಾ. ಸುರೇಶ್ ಇದ್ದರು.
ತನಿಖೆ ನಡೆಸಿ ಆರೋಪಿಗಳನ್ನು ಬಂಧಿಸಬೇಕು. ಘಟನೆಯಿಂದ ಗ್ರಾಮದ ಜನರು ಆತಂಕಕ್ಕೆ ಒಳಗಾಗಿದ್ದಾರೆ. ಪೊಲೀಸ್ ಇಲಾಖೆ ಗ್ರಾಮದಲ್ಲಿ ಭದ್ರತೆ ಒದಗಿಸಬೇಕು. ಸಿಸಿಟಿವಿ ದೃಶ್ಯಾವಳಿ ಪರಿಶೀಲಿಸಿ ತಪ್ಪಿತಸ್ಥರನ್ನು ಪತ್ತೆ ಹಚ್ಚಬೇಕು ಎಂದರು. ಗೋಷ್ಠಿಯಲ್ಲಿ ಪದಾಧಿಕಾರಿಗಳು ಹಾಜರಿದ್ದರು.
ರಾಜ್ಯ ರೈತ ಸಂಘ ಬನ್ನೂರು ಘಟಕದ ಹೋಬಳಿ ಅಧ್ಯಕ್ಷ ಹುಚ್ಚೇಗೌಡ
ಭತ್ತಕ್ಕೆ ₹3000 ಬೆಂಬಲ ಬೆಲೆ ಘೋಷಣೆಗೆ ಆಗ್ರಹ
ಬನ್ನೂರು: ಭತ್ತ ಕಟಾವು ಹಂತದಲ್ಲಿದ್ದು, ಬೆಂಬಲ ಬೆಲೆ ಘೋಷಿಸದೆ ಕೇಂದ್ರ ಸರ್ಕಾರ ರೈತರಿಗೆ ಅನ್ಯಾಯ ಮಾಡುತ್ತಿದೆ. ಕೂಡಲೇ ಭತ್ತಕ್ಕೆ ಕ್ವಿಂಟಾಲ್‌ಗೆ 3000 ರೂ. ಬೆಂಬಲ ಬೆಲೆ ಘೋಷಿಸಿ ಖರೀದಿ ಕೇಂದ್ರ ತೆರೆಯಬೇಕು ಎಂದು ರಾಜ್ಯ ರೈತ ಸಂಘ ಬನ್ನೂರು ಘಟಕದ ಹೋಬಳಿ ಅಧ್ಯಕ್ಷ ಹುಚ್ಚೇಗೌಡ ಆಗ್ರಹಿಸಿದರು. ಪಟ್ಟಣದಲ್ಲಿ ನಡೆದ ರೈತ ಸಂಘದ ಸಭೆಯಲ್ಲಿ ಮಾತನಾಡಿದ ಅವರು, ರೈತರು ಬೆಳೆದ ಭತ್ತಕ್ಕೆ ಸೂಕ್ತ ಬೆಲೆ ಸಿಗದೆ ಸಂಕಷ್ಟದಲ್ಲಿದ್ದಾರೆ.
ಎಂದು ಅವರು ಆಗ್ರಹಿಸಿದ್ದಾರೆ. ರಸಗೊಬ್ಬರ, ಕೂಲಿ ದರ ಹೆಚ್ಚಾಗಿದ್ದು, ರೈತರಿಗೆ ಉತ್ಪಾದನಾ ವೆಚ್ಚ ಹೆಚ್ಚಾಗಿದೆ. ಸರ್ಕಾರ ಭತ್ತ ಖರೀದಿ ಕೇಂದ್ರಗಳನ್ನು ತಕ್ಷಣ ತೆರೆಯಬೇಕು. ದಲ್ಲಾಳಿಗಳ ಹಾವಳಿ ತಪ್ಪಿಸಬೇಕು. ರೈತರ ಹಿತ ಕಾಪಾಡಬೇಕು. ಇಲ್ಲದಿದ್ದರೆ ಹೋರಾಟ ನಡೆಸಲಾಗುವುದು ಎಂದು ಎಚ್ಚರಿಸಿದರು. ಸಭೆಯಲ್ಲಿ ರೈತ ಸಂಘದ ಪದಾಧಿಕಾರಿಗಳಾದ ರಾಮಣ್ಣ, ಶಿವಣ್ಣ, ಮಾದೇಗೌಡ, ನಾಗರಾಜು ಇದ್ದರು.
ಎಕ್ಕರೆಗೆ ವೆಚ್ಚ ಹೆಚ್ಚಾಗಿರುವುದರಿಂದ ರೈತರು ಕಂಗಾಲಾಗಿದ್ದಾರೆ. ಹೀಗಾಗಿ ಸರ್ಕಾರ ಕೂಡಲೇ ಬೆಂಬಲ ಬೆಲೆ ಘೋಷಿಸಬೇಕು. ಸಭೆಯಲ್ಲಿ ಪದಾಧಿಕಾರಿಗಳಾದ ಕೆಂಪೇಗೌಡ, ಚಂದ್ರಣ್ಣ, ಮಹದೇವ, ಸ್ವಾಮಿ ಮತ್ತಿತರರು ಇದ್ದರು.
